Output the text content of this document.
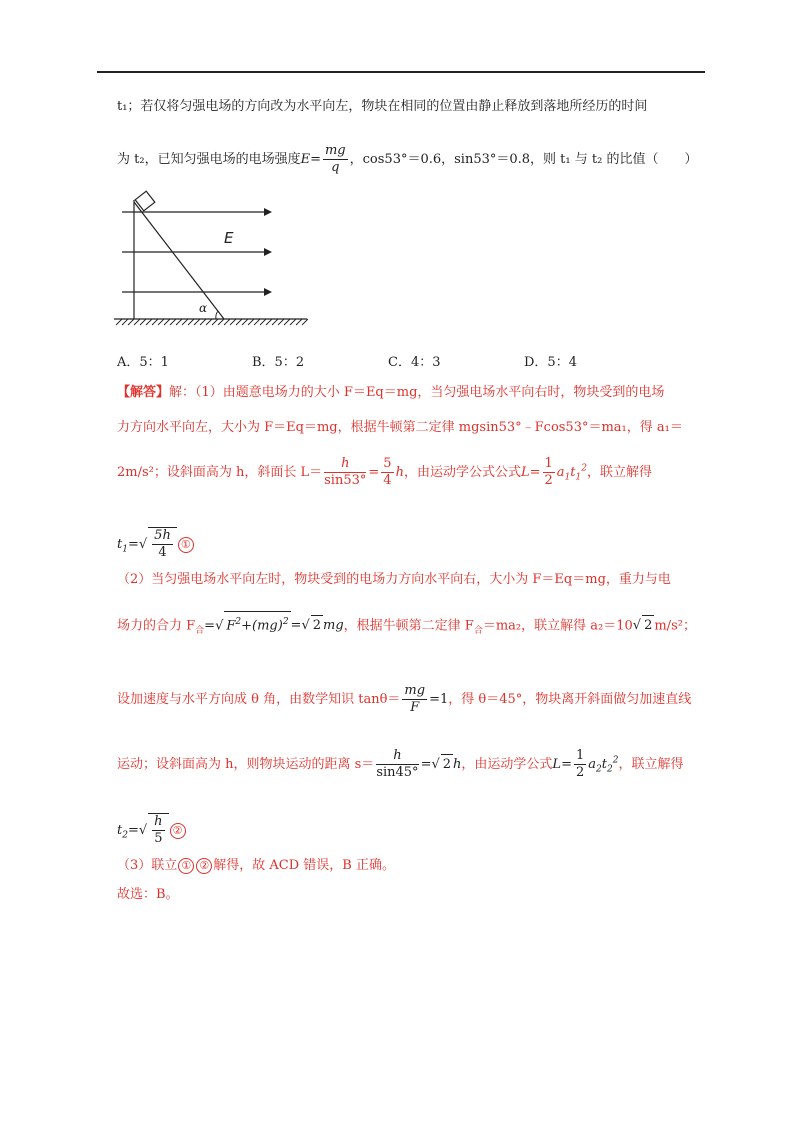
t₁；若仅将匀强电场的方向改为水平向左，物块在相同的位置由静止释放到落地所经历的时间
为 t₂，已知匀强电场的电场强度$E= \frac{mg}{q}$ ，cos53°＝0.6，sin53°＝0.8，则 t₁ 与 t₂ 的比值（　　）
α
E
A．5：1	B．5：2	C．4：3	D．5：4
【解答】解：（1）由题意电场力的大小 F＝Eq＝mg，当匀强电场水平向右时，物块受到的电场
力方向水平向左，大小为 F＝Eq＝mg，根据牛顿第二定律 mgsin53°﹣Fcos53°＝ma₁，得 a₁＝
2m/s²；设斜面高为 h，斜面长 $L= \frac{h}{\sin 53^\circ} = \frac{5}{4}$ h，由运动学公式公式$L= \frac{1}{2} a_1t_1^2$，联立解得
$t_1=√ \frac{5h}{4}$ ①
（2）当匀强电场水平向左时，物块受到的电场力方向水平向右，大小为 F＝Eq＝mg，重力与电
场力的合力 $F_合=√$ $F^2+(mg)^2$ =√ 2 mg，根据牛顿第二定律 $F_合=ma_2$，联立解得 a₂＝10√ 2 m/s²；
设加速度与水平方向成 θ 角，由数学知识 $\tan\theta= \frac{mg}{F} =1$，得 θ＝45°，物块离开斜面做匀加速直线
运动；设斜面高为 h，则物块运动的距离 $s= \frac{h}{\sin 45^\circ}$ =√ 2 h，由运动学公式$L= \frac{1}{2} a_2t_2^2$，联立解得
$t_2=√ \frac{h}{5}$ ②
（3）联立 ① ② 解得，故 ACD 错误，B 正确。
故选：B。
